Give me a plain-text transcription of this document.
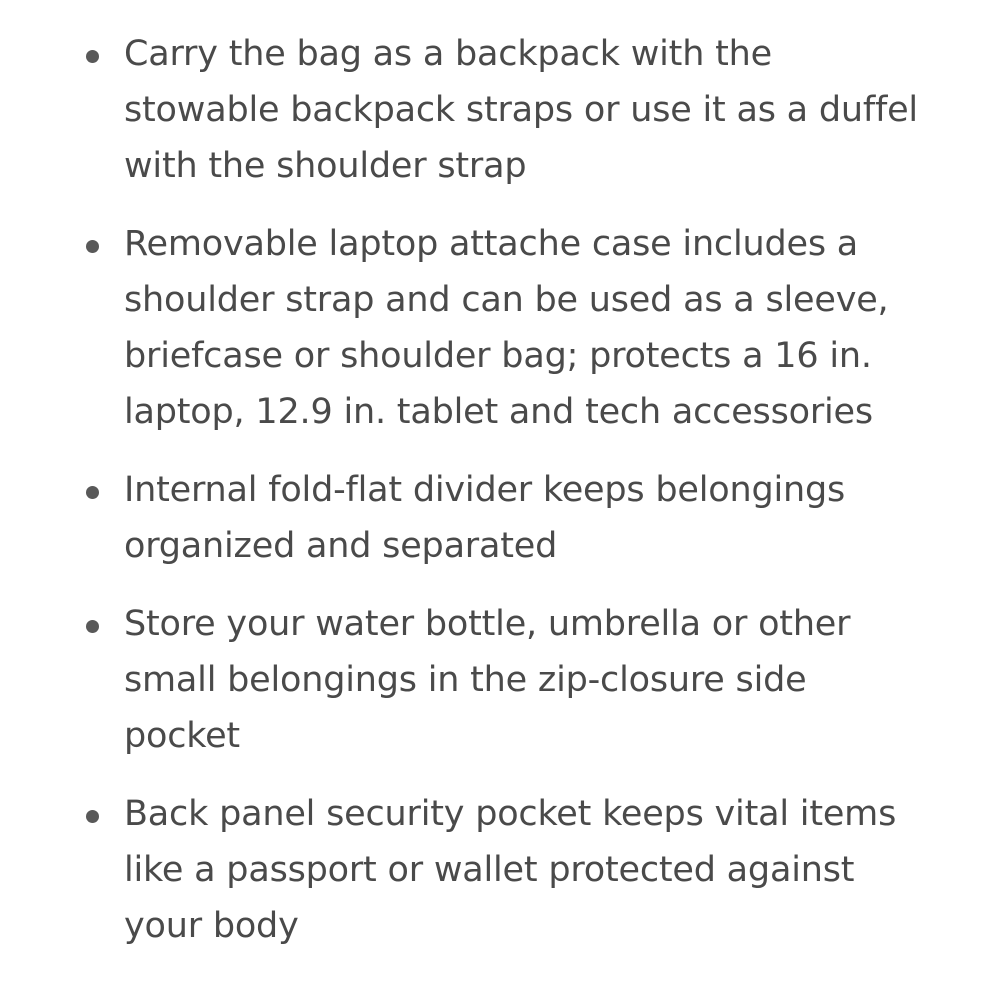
Carry the bag as a backpack with the stowable backpack straps or use it as a duffel with the shoulder strap
Removable laptop attache case includes a shoulder strap and can be used as a sleeve, briefcase or shoulder bag; protects a 16 in. laptop, 12.9 in. tablet and tech accessories
Internal fold-flat divider keeps belongings organized and separated
Store your water bottle, umbrella or other small belongings in the zip-closure side pocket
Back panel security pocket keeps vital items like a passport or wallet protected against your body
